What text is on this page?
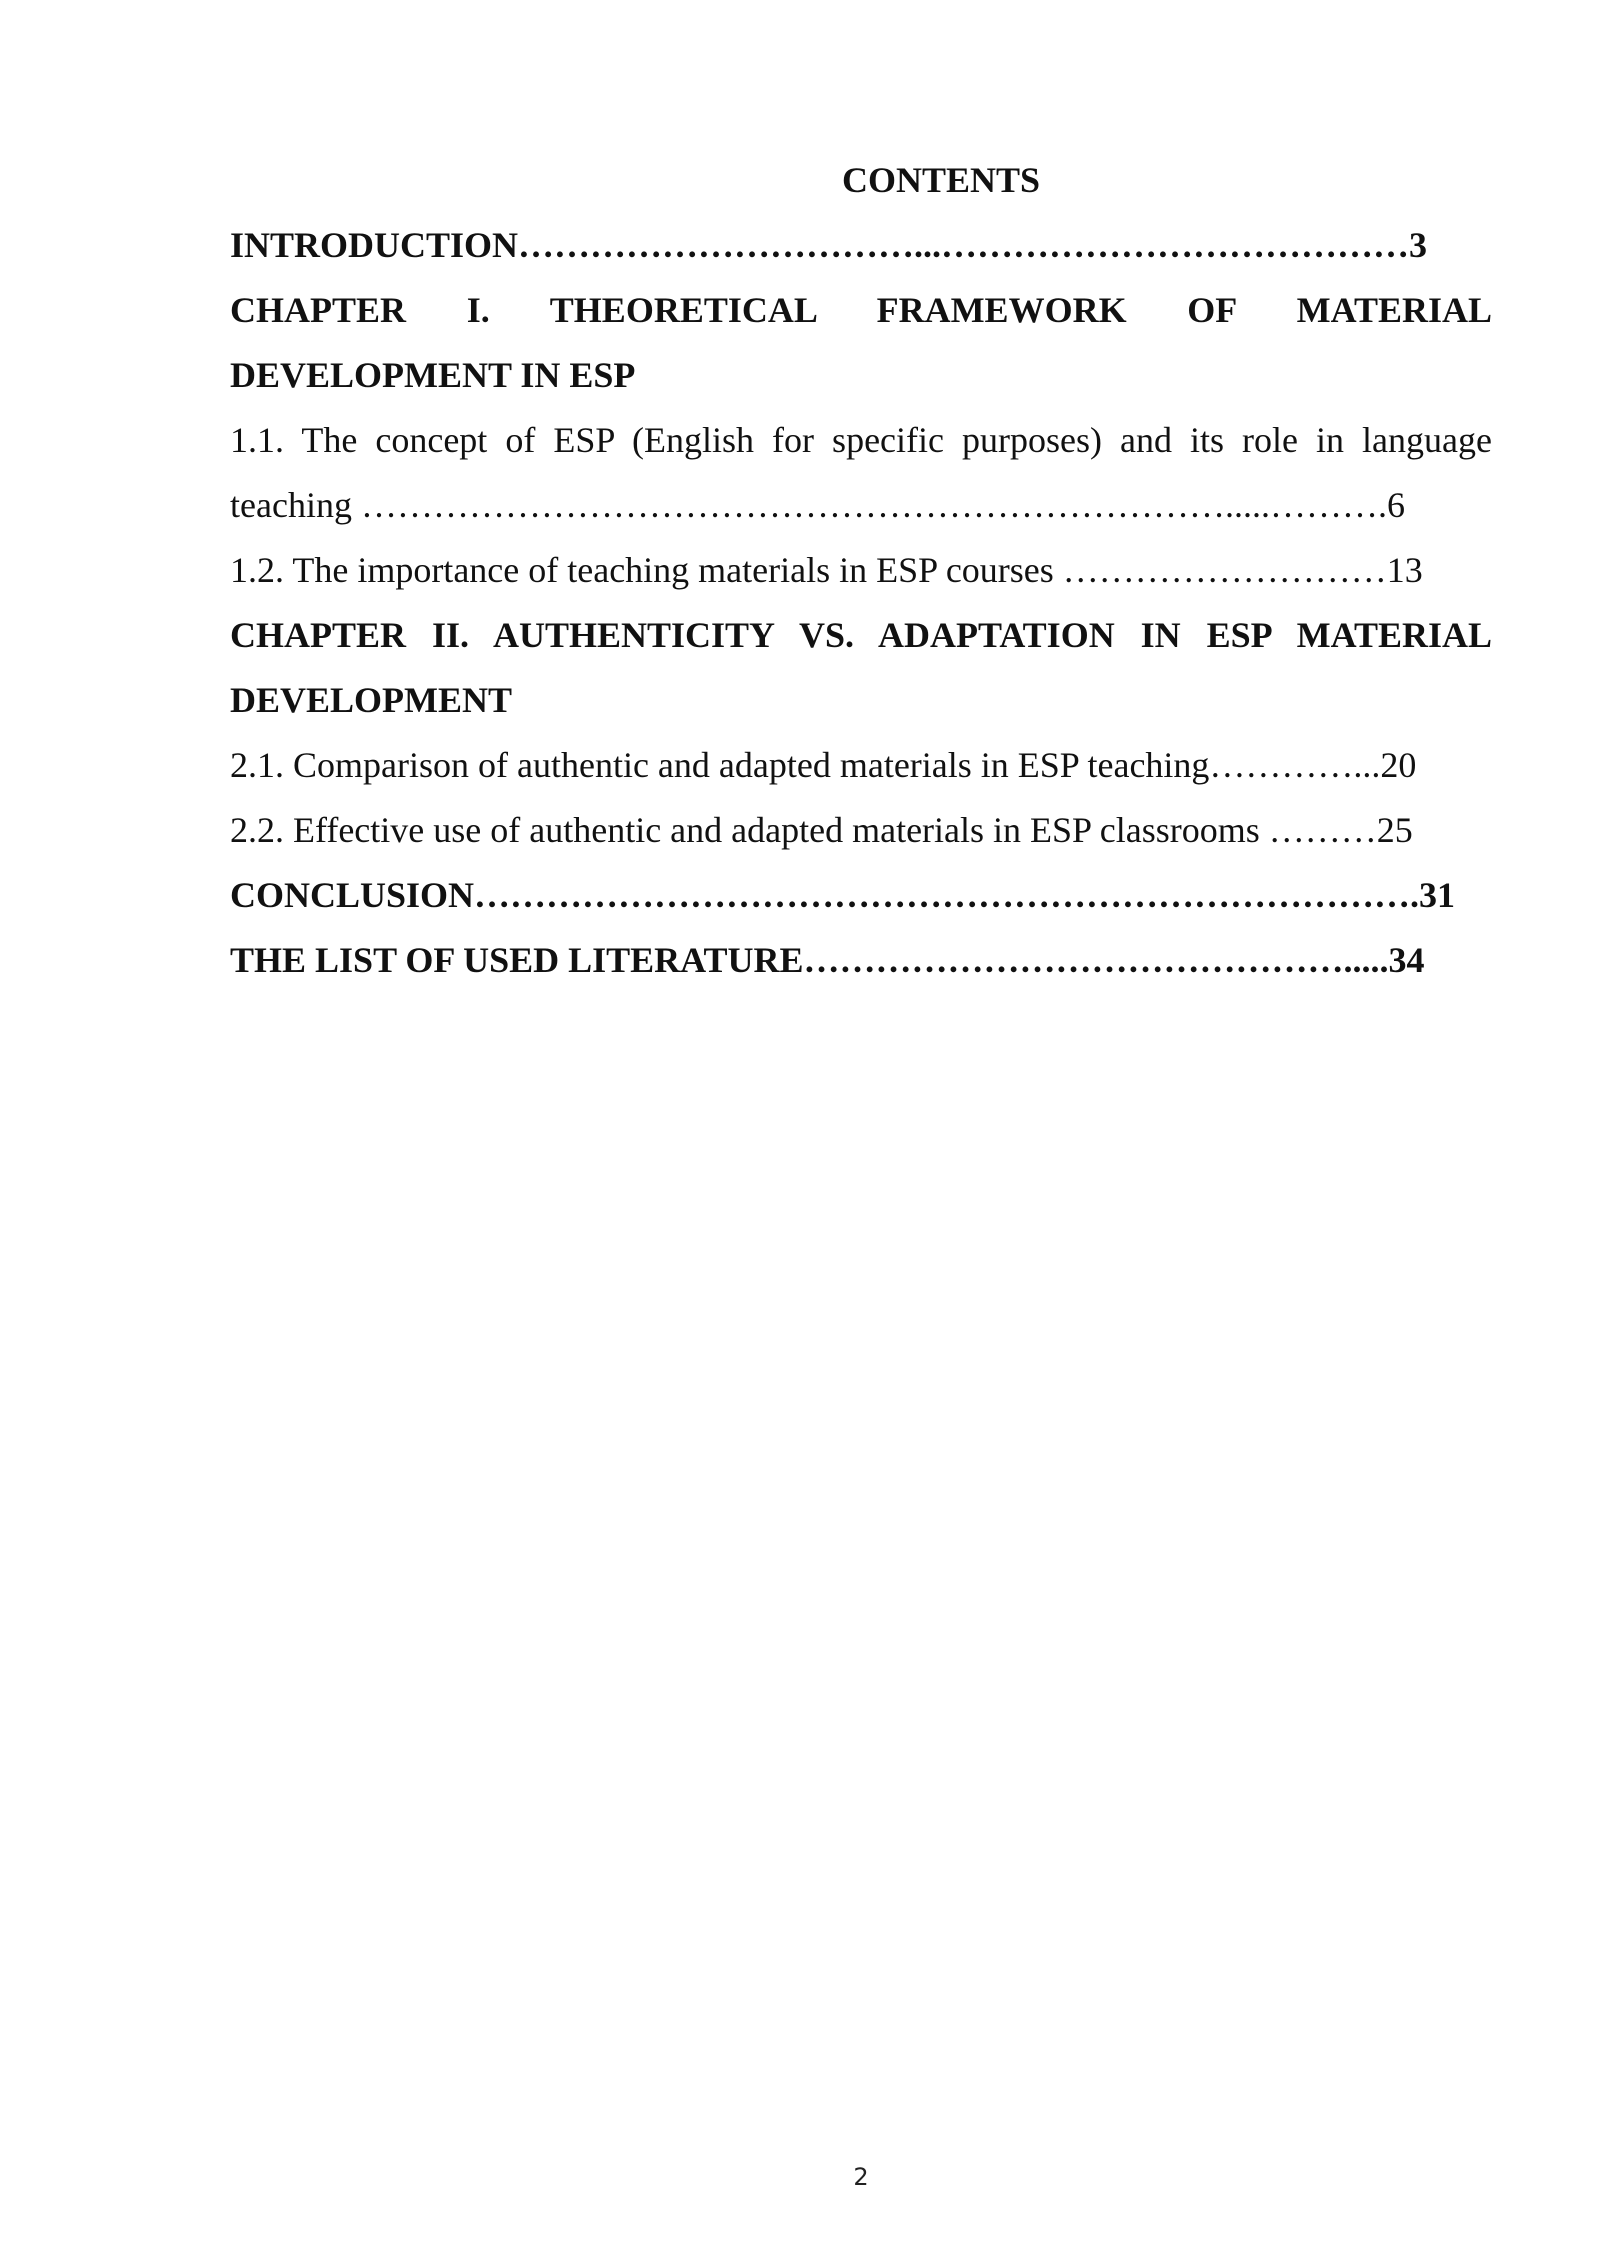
CONTENTS
INTRODUCTION……………………………...…………………………………3
CHAPTER I. THEORETICAL FRAMEWORK OF MATERIAL
DEVELOPMENT IN ESP
1.1. The concept of ESP (English for specific purposes) and its role in language
teaching ……………………………………………………………….....……….6
1.2. The importance of teaching materials in ESP courses ………………………13
CHAPTER II. AUTHENTICITY VS. ADAPTATION IN ESP MATERIAL
DEVELOPMENT
2.1. Comparison of authentic and adapted materials in ESP teaching…………...20
2.2. Effective use of authentic and adapted materials in ESP classrooms ………25
CONCLUSION…………………………………………………………………….31
THE LIST OF USED LITERATURE……………………………………….....34
2
